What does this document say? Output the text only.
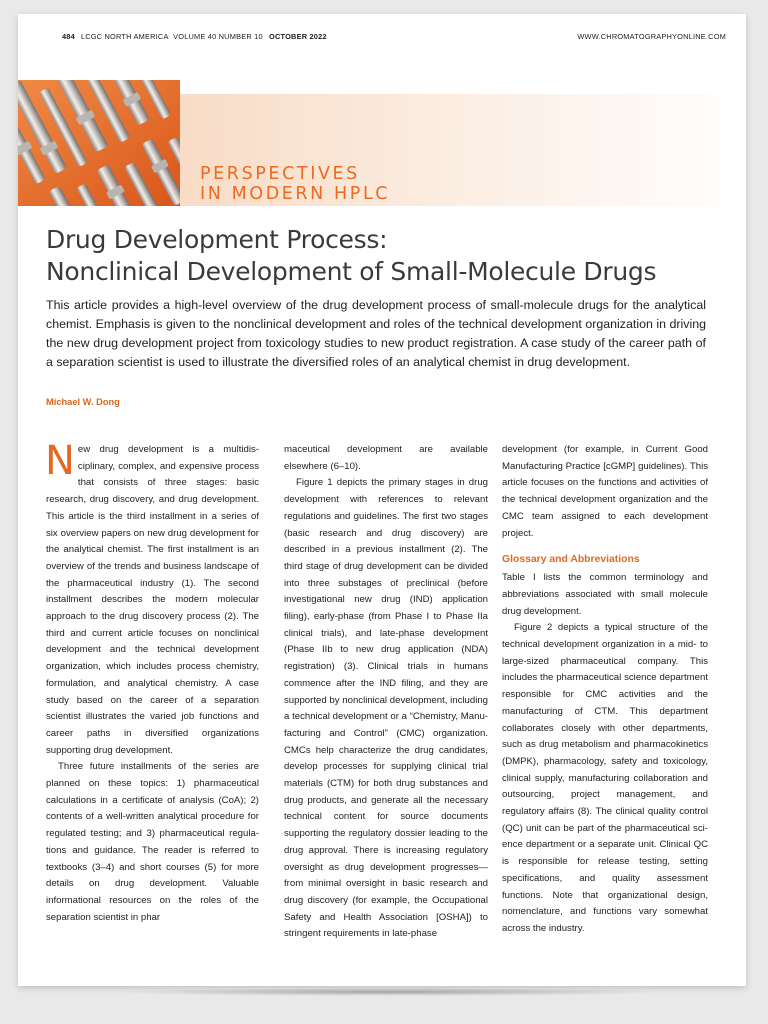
484 LCGC NORTH AMERICA VOLUME 40 NUMBER 10 OCTOBER 2022	WWW.CHROMATOGRAPHYONLINE.COM
PERSPECTIVES
IN MODERN HPLC
Drug Development Process:
Nonclinical Development of Small-Molecule Drugs
This article provides a high-level overview of the drug development process of small-molecule drugs for the analytical chemist. Emphasis is given to the nonclinical development and roles of the technical development organization in driving the new drug development project from toxicology studies to new product registration. A case study of the career path of a separation scientist is used to illustrate the diversified roles of an analytical chemist in drug development.
Michael W. Dong

New drug development is a multidisciplinary, complex, and expensive process that consists of three stages: basic research, drug discovery, and drug development. This article is the third installment in a series of six overview papers on new drug development for the analytical chemist. The first installment is an overview of the trends and business landscape of the pharmaceutical industry (1). The second installment describes the modern molecular approach to the drug discovery process (2). The third and current article focuses on nonclinical development and the technical development organization, which includes process chemistry, formulation, and analytical chemistry. A case study based on the career of a separation scientist illustrates the varied job functions and career paths in diversified organizations supporting drug development.

Three future installments of the series are planned on these topics: 1) pharmaceutical calculations in a certificate of analysis (CoA); 2) contents of a well-written analytical procedure for regulated testing; and 3) pharmaceutical regulations and guidance. The reader is referred to textbooks (3–4) and short courses (5) for more details on drug development. Valuable informational resources on the roles of the separation scientist in phar

maceutical development are available elsewhere (6–10).

Figure 1 depicts the primary stages in drug development with references to relevant regulations and guidelines. The first two stages (basic research and drug discovery) are described in a previous installment (2). The third stage of drug development can be divided into three substages of preclinical (before investigational new drug (IND) application filing), early-phase (from Phase I to Phase IIa clinical trials), and late-phase development (Phase IIb to new drug application (NDA) registration) (3). Clinical trials in humans commence after the IND filing, and they are supported by nonclinical development, including a technical development or a “Chemistry, Manufacturing and Control” (CMC) organization. CMCs help characterize the drug candidates, develop processes for supplying clinical trial materials (CTM) for both drug substances and drug products, and generate all the necessary technical content for source documents supporting the regulatory dossier leading to the drug approval. There is increasing regulatory oversight as drug development progresses—from minimal oversight in basic research and drug discovery (for example, the Occupational Safety and Health Association [OSHA]) to stringent requirements in late-phase

development (for example, in Current Good Manufacturing Practice [cGMP] guidelines). This article focuses on the functions and activities of the technical development organization and the CMC team assigned to each development project.

Glossary and Abbreviations

Table I lists the common terminology and abbreviations associated with small molecule drug development.

Figure 2 depicts a typical structure of the technical development organization in a mid- to large-sized pharmaceutical company. This includes the pharmaceutical science department responsible for CMC activities and the manufacturing of CTM. This department collaborates closely with other departments, such as drug metabolism and pharmacokinetics (DMPK), pharmacology, safety and toxicology, clinical supply, manufacturing collaboration and outsourcing, project management, and regulatory affairs (8). The clinical quality control (QC) unit can be part of the pharmaceutical science department or a separate unit. Clinical QC is responsible for release testing, setting specifications, and quality assessment functions. Note that organizational design, nomenclature, and functions vary somewhat across the industry.
